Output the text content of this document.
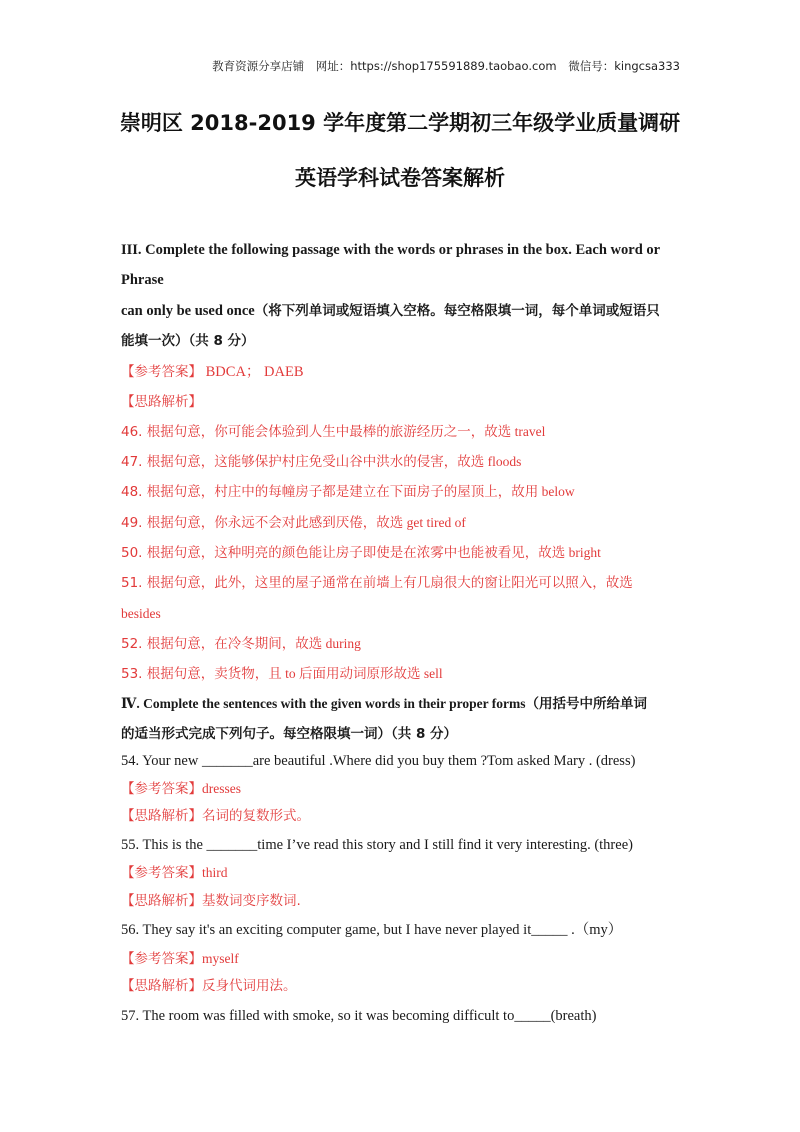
教育资源分享店铺 网址：https://shop175591889.taobao.com 微信号：kingcsa333
崇明区 2018-2019 学年度第二学期初三年级学业质量调研
英语学科试卷答案解析
III. Complete the following passage with the words or phrases in the box. Each word or
Phrase
can only be used once（将下列单词或短语填入空格。每空格限填一词，每个单词或短语只
能填一次）（共 8 分）
【参考答案】 BDCA； DAEB
【思路解析】
46. 根据句意，你可能会体验到人生中最棒的旅游经历之一，故选 travel
47. 根据句意，这能够保护村庄免受山谷中洪水的侵害，故选 floods
48. 根据句意，村庄中的每幢房子都是建立在下面房子的屋顶上，故用 below
49. 根据句意，你永远不会对此感到厌倦，故选 get tired of
50. 根据句意，这种明亮的颜色能让房子即使是在浓雾中也能被看见，故选 bright
51. 根据句意，此外，这里的屋子通常在前墙上有几扇很大的窗让阳光可以照入，故选
besides
52. 根据句意，在冷冬期间，故选 during
53. 根据句意，卖货物，且 to 后面用动词原形故选 sell
Ⅳ. Complete the sentences with the given words in their proper forms（用括号中所给单词
的适当形式完成下列句子。每空格限填一词）（共 8 分）
54. Your new _______are beautiful .Where did you buy them ?Tom asked Mary . (dress)
【参考答案】dresses
【思路解析】名词的复数形式。
55. This is the _______time I’ve read this story and I still find it very interesting. (three)
【参考答案】third
【思路解析】基数词变序数词.
56. They say it's an exciting computer game, but I have never played it_____ .（my）
【参考答案】myself
【思路解析】反身代词用法。
57. The room was filled with smoke, so it was becoming difficult to_____(breath)
